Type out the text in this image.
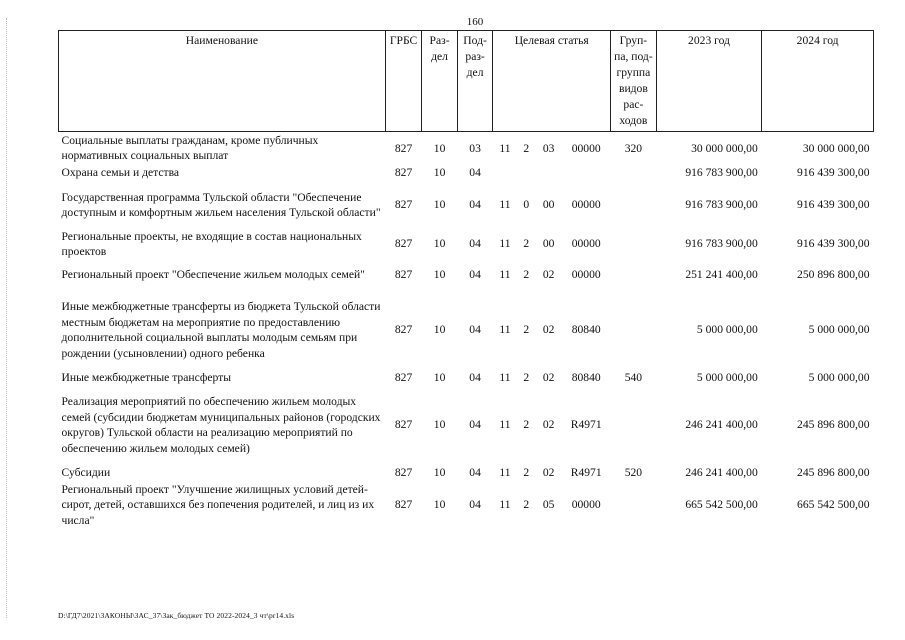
160
Наименование	ГРБС	Раз- дел	Под- раз- дел	Целевая статья				Груп- па, под- группа видов рас- ходов	2023 год	2024 год
Социальные выплаты гражданам, кроме публичных нормативных социальных выплат	827	10	03	11	2	03	00000	320	30 000 000,00	30 000 000,00
Охрана семьи и детства	827	10	04						916 783 900,00	916 439 300,00
Государственная программа Тульской области "Обеспечение доступным и комфортным жильем населения Тульской области"	827	10	04	11	0	00	00000		916 783 900,00	916 439 300,00
Региональные проекты, не входящие в состав национальных проектов	827	10	04	11	2	00	00000		916 783 900,00	916 439 300,00
Региональный проект "Обеспечение жильем молодых семей"	827	10	04	11	2	02	00000		251 241 400,00	250 896 800,00
Иные межбюджетные трансферты из бюджета Тульской области местным бюджетам на мероприятие по предоставлению дополнительной социальной выплаты молодым семьям при рождении (усыновлении) одного ребенка	827	10	04	11	2	02	80840		5 000 000,00	5 000 000,00
Иные межбюджетные трансферты	827	10	04	11	2	02	80840	540	5 000 000,00	5 000 000,00
Реализация мероприятий по обеспечению жильем молодых семей (субсидии бюджетам муниципальных районов (городских округов) Тульской области на реализацию мероприятий по обеспечению жильем молодых семей)	827	10	04	11	2	02	R4971		246 241 400,00	245 896 800,00
Субсидии	827	10	04	11	2	02	R4971	520	246 241 400,00	245 896 800,00
Региональный проект "Улучшение жилищных условий детей-сирот, детей, оставшихся без попечения родителей, и лиц из их числа"	827	10	04	11	2	05	00000		665 542 500,00	665 542 500,00
D:\ГД7\2021\ЗАКОНЫ\ЗАС_37\Зак_бюджет ТО 2022-2024_3 чт\pr14.xls
